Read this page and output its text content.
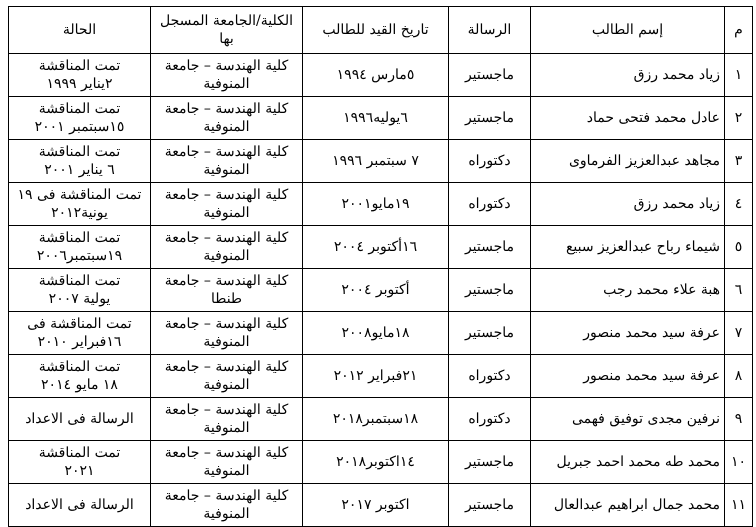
م	إسم الطالب	الرسالة	تاريخ القيد للطالب	الكلية/الجامعة المسجل
بها	الحالة
١	زياد محمد رزق	ماجستير	٥مارس ١٩٩٤	كلية الهندسة – جامعة
المنوفية	تمت المناقشة
٢يناير ١٩٩٩

٢	عادل محمد فتحى حماد	ماجستير	٦يوليه١٩٩٦	كلية الهندسة – جامعة
المنوفية	تمت المناقشة
١٥سبتمبر ٢٠٠١

٣	مجاهد عبدالعزيز الفرماوى	دكتوراه	٧ سبتمبر ١٩٩٦	كلية الهندسة – جامعة
المنوفية	تمت المناقشة
٦ يناير ٢٠٠١

٤	زياد محمد رزق	دكتوراه	١٩مايو٢٠٠١	كلية الهندسة – جامعة
المنوفية	تمت المناقشة فى ١٩
يونية٢٠١٢

٥	شيماء رباح عبدالعزيز سبيع	ماجستير	١٦أكتوبر ٢٠٠٤	كلية الهندسة – جامعة
المنوفية	تمت المناقشة
١٩سبتمبر٢٠٠٦

٦	هبة علاء محمد رجب	ماجستير	أكتوبر ٢٠٠٤	كلية الهندسة – جامعة
طنطا	تمت المناقشة
يولية ٢٠٠٧

٧	عرفة سيد محمد منصور	ماجستير	١٨مايو٢٠٠٨	كلية الهندسة – جامعة
المنوفية	تمت المناقشة فى
١٦فبراير ٢٠١٠

٨	عرفة سيد محمد منصور	دكتوراه	٢١فبراير ٢٠١٢	كلية الهندسة – جامعة
المنوفية	تمت المناقشة
١٨ مايو ٢٠١٤

٩	نرفين مجدى توفيق فهمى	دكتوراه	١٨سبتمبر٢٠١٨	كلية الهندسة – جامعة
المنوفية	الرسالة فى الاعداد

١٠	محمد طه محمد احمد جبريل	ماجستير	١٤اكتوبر٢٠١٨	كلية الهندسة – جامعة
المنوفية	تمت المناقشة
٢٠٢١

١١	محمد جمال ابراهيم عبدالعال	ماجستير	اكتوبر ٢٠١٧	كلية الهندسة – جامعة
المنوفية	الرسالة فى الاعداد
